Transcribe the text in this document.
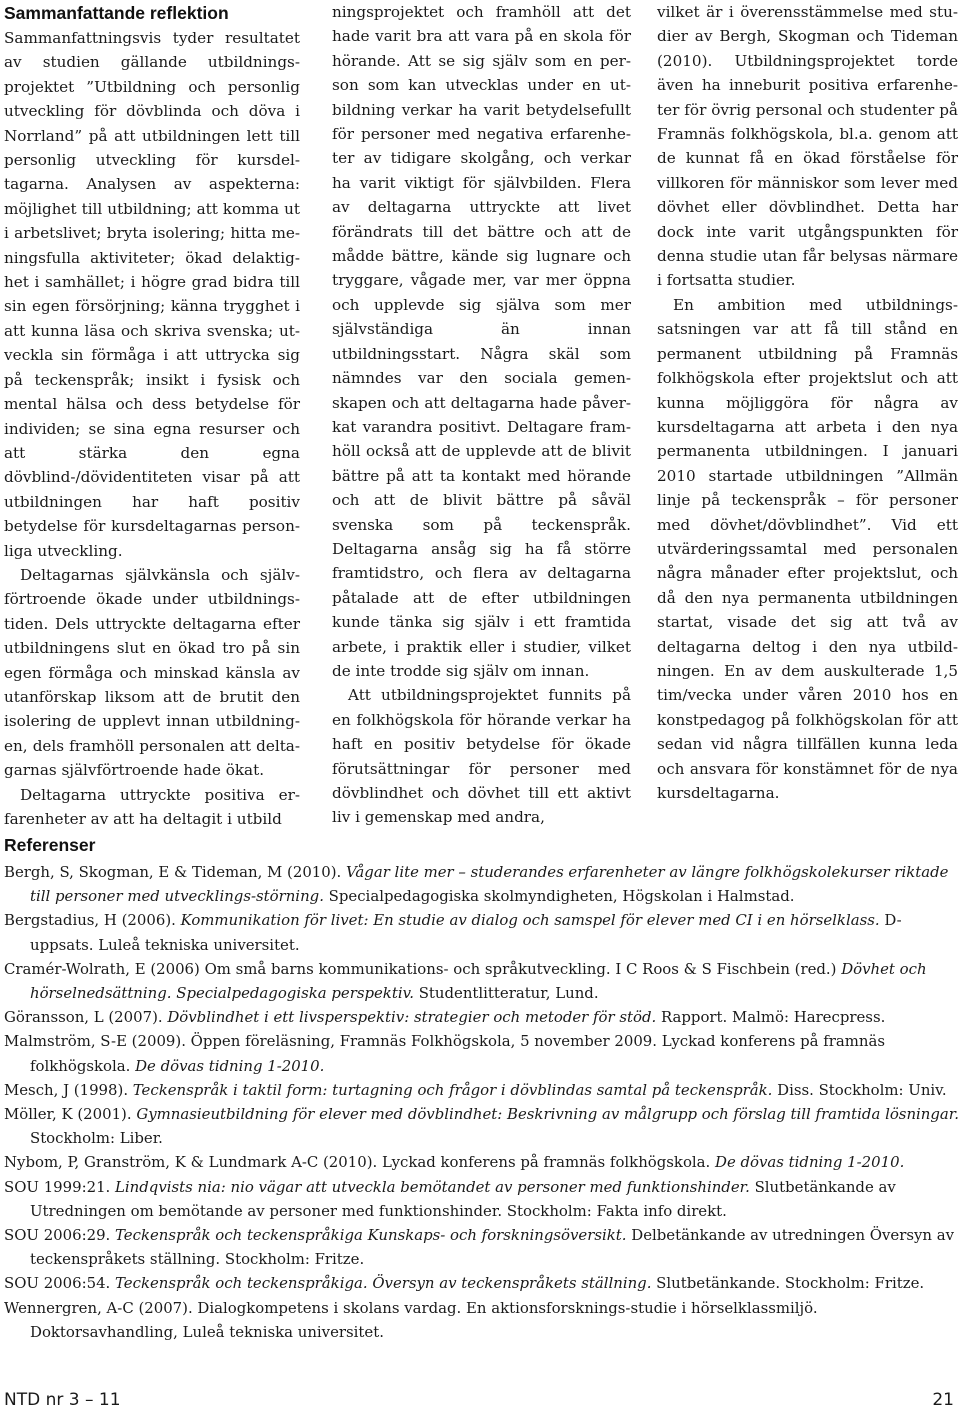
Sammanfattande reflektion

Sammanfattningsvis tyder resultatet av studien gällande utbildningsprojektet ”Utbildning och personlig utveckling för dövblinda och döva i Norrland” på att utbildningen lett till personlig utveckling för kursdeltagarna. Analysen av aspekterna: möjlighet till utbildning; att komma ut i arbetslivet; bryta isolering; hitta meningsfulla aktiviteter; ökad delaktighet i samhället; i högre grad bidra till sin egen försörjning; känna trygghet i att kunna läsa och skriva svenska; utveckla sin förmåga i att uttrycka sig på teckenspråk; insikt i fysisk och mental hälsa och dess betydelse för individen; se sina egna resurser och att stärka den egna dövblind-/dövidentiteten visar på att utbildningen har haft positiv betydelse för kursdeltagarnas personliga utveckling.

Deltagarnas självkänsla och självförtroende ökade under utbildningstiden. Dels uttryckte deltagarna efter utbildningens slut en ökad tro på sin egen förmåga och minskad känsla av utanförskap liksom att de brutit den isolering de upplevt innan utbildningen, dels framhöll personalen att deltagarnas självförtroende hade ökat.

Deltagarna uttryckte positiva erfarenheter av att ha deltagit i utbild

ningsprojektet och framhöll att det hade varit bra att vara på en skola för hörande. Att se sig själv som en person som kan utvecklas under en utbildning verkar ha varit betydelsefullt för personer med negativa erfarenheter av tidigare skolgång, och verkar ha varit viktigt för självbilden. Flera av deltagarna uttryckte att livet förändrats till det bättre och att de mådde bättre, kände sig lugnare och tryggare, vågade mer, var mer öppna och upplevde sig själva som mer självständiga än innan utbildningsstart. Några skäl som nämndes var den sociala gemenskapen och att deltagarna hade påverkat varandra positivt. Deltagare framhöll också att de upplevde att de blivit bättre på att ta kontakt med hörande och att de blivit bättre på såväl svenska som på teckenspråk. Deltagarna ansåg sig ha få större framtidstro, och flera av deltagarna påtalade att de efter utbildningen kunde tänka sig själv i ett framtida arbete, i praktik eller i studier, vilket de inte trodde sig själv om innan.

Att utbildningsprojektet funnits på en folkhögskola för hörande verkar ha haft en positiv betydelse för ökade förutsättningar för personer med dövblindhet och dövhet till ett aktivt liv i gemenskap med andra,

vilket är i överensstämmelse med studier av Bergh, Skogman och Tideman (2010). Utbildningsprojektet torde även ha inneburit positiva erfarenheter för övrig personal och studenter på Framnäs folkhögskola, bl.a. genom att de kunnat få en ökad förståelse för villkoren för människor som lever med dövhet eller dövblindhet. Detta har dock inte varit utgångspunkten för denna studie utan får belysas närmare i fortsatta studier.

En ambition med utbildningssatsningen var att få till stånd en permanent utbildning på Framnäs folkhögskola efter projektslut och att kunna möjliggöra för några av kursdeltagarna att arbeta i den nya permanenta utbildningen. I januari 2010 startade utbildningen ”Allmän linje på teckenspråk – för personer med dövhet/dövblindhet”. Vid ett utvärderingssamtal med personalen några månader efter projektslut, och då den nya permanenta utbildningen startat, visade det sig att två av deltagarna deltog i den nya utbildningen. En av dem auskulterade 1,5 tim/vecka under våren 2010 hos en konstpedagog på folkhögskolan för att sedan vid några tillfällen kunna leda och ansvara för konstämnet för de nya kursdeltagarna.

Referenser

Bergh, S, Skogman, E & Tideman, M (2010). Vågar lite mer – studerandes erfarenheter av längre folkhögskolekurser riktade till personer med utvecklings-störning. Specialpedagogiska skolmyndigheten, Högskolan i Halmstad.

Bergstadius, H (2006). Kommunikation för livet: En studie av dialog och samspel för elever med CI i en hörselklass. D-uppsats. Luleå tekniska universitet.

Cramér-Wolrath, E (2006) Om små barns kommunikations- och språkutveckling. I C Roos & S Fischbein (red.) Dövhet och hörselnedsättning. Specialpedagogiska perspektiv. Studentlitteratur, Lund.

Göransson, L (2007). Dövblindhet i ett livsperspektiv: strategier och metoder för stöd. Rapport. Malmö: Harecpress.

Malmström, S-E (2009). Öppen föreläsning, Framnäs Folkhögskola, 5 november 2009. Lyckad konferens på framnäs folkhögskola. De dövas tidning 1-2010.

Mesch, J (1998). Teckenspråk i taktil form: turtagning och frågor i dövblindas samtal på teckenspråk. Diss. Stockholm: Univ.

Möller, K (2001). Gymnasieutbildning för elever med dövblindhet: Beskrivning av målgrupp och förslag till framtida lösningar. Stockholm: Liber.

Nybom, P, Granström, K & Lundmark A-C (2010). Lyckad konferens på framnäs folkhögskola. De dövas tidning 1-2010.

SOU 1999:21. Lindqvists nia: nio vägar att utveckla bemötandet av personer med funktionshinder. Slutbetänkande av Utredningen om bemötande av personer med funktionshinder. Stockholm: Fakta info direkt.

SOU 2006:29. Teckenspråk och teckenspråkiga Kunskaps- och forskningsöversikt. Delbetänkande av utredningen Översyn av teckenspråkets ställning. Stockholm: Fritze.

SOU 2006:54. Teckenspråk och teckenspråkiga. Översyn av teckenspråkets ställning. Slutbetänkande. Stockholm: Fritze.

Wennergren, A-C (2007). Dialogkompetens i skolans vardag. En aktionsforsknings-studie i hörselklassmiljö. Doktorsavhandling, Luleå tekniska universitet.

NTD nr 3 – 11	21
